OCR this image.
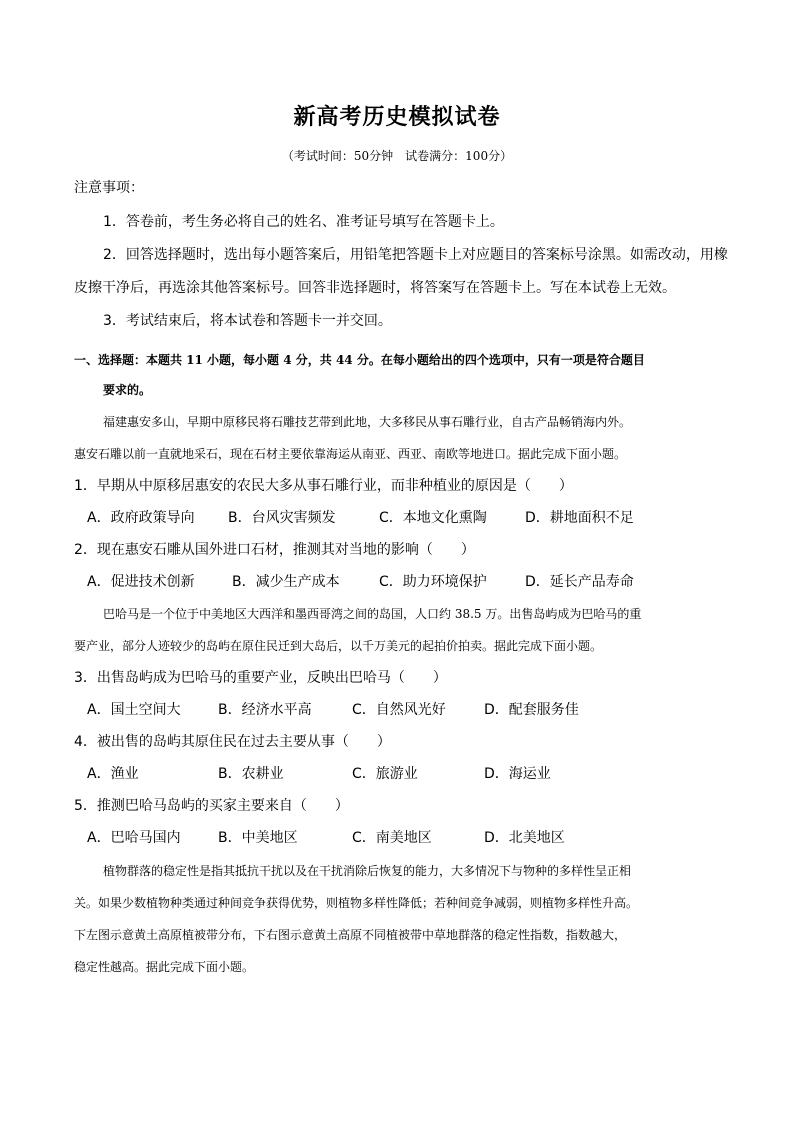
新高考历史模拟试卷
（考试时间：50分钟　试卷满分：100分）
注意事项：
1．答卷前，考生务必将自己的姓名、准考证号填写在答题卡上。
2．回答选择题时，选出每小题答案后，用铅笔把答题卡上对应题目的答案标号涂黑。如需改动，用橡
皮擦干净后，再选涂其他答案标号。回答非选择题时，将答案写在答题卡上。写在本试卷上无效。
3．考试结束后，将本试卷和答题卡一并交回。
一、选择题：本题共 11 小题，每小题 4 分，共 44 分。在每小题给出的四个选项中，只有一项是符合题目
要求的。
福建惠安多山，早期中原移民将石雕技艺带到此地，大多移民从事石雕行业，自古产品畅销海内外。
惠安石雕以前一直就地采石，现在石材主要依靠海运从南亚、西亚、南欧等地进口。据此完成下面小题。
1．早期从中原移居惠安的农民大多从事石雕行业，而非种植业的原因是（　　）
A．政府政策导向 B．台风灾害频发	C．本地文化熏陶	D．耕地面积不足
2．现在惠安石雕从国外进口石材，推测其对当地的影响（　　）
A．促进技术创新	B．减少生产成本	C．助力环境保护	D．延长产品寿命
巴哈马是一个位于中美地区大西洋和墨西哥湾之间的岛国，人口约 38.5 万。出售岛屿成为巴哈马的重
要产业，部分人迹较少的岛屿在原住民迁到大岛后，以千万美元的起拍价拍卖。据此完成下面小题。
3．出售岛屿成为巴哈马的重要产业，反映出巴哈马（　　）
A．国土空间大	B．经济水平高	C．自然风光好	D．配套服务佳
4．被出售的岛屿其原住民在过去主要从事（　　）
A．渔业	B．农耕业	C．旅游业	D．海运业
5．推测巴哈马岛屿的买家主要来自（　　）
A．巴哈马国内	B．中美地区	C．南美地区	D．北美地区
植物群落的稳定性是指其抵抗干扰以及在干扰消除后恢复的能力，大多情况下与物种的多样性呈正相
关。如果少数植物种类通过种间竞争获得优势，则植物多样性降低；若种间竞争减弱，则植物多样性升高。
下左图示意黄土高原植被带分布，下右图示意黄土高原不同植被带中草地群落的稳定性指数，指数越大，
稳定性越高。据此完成下面小题。
